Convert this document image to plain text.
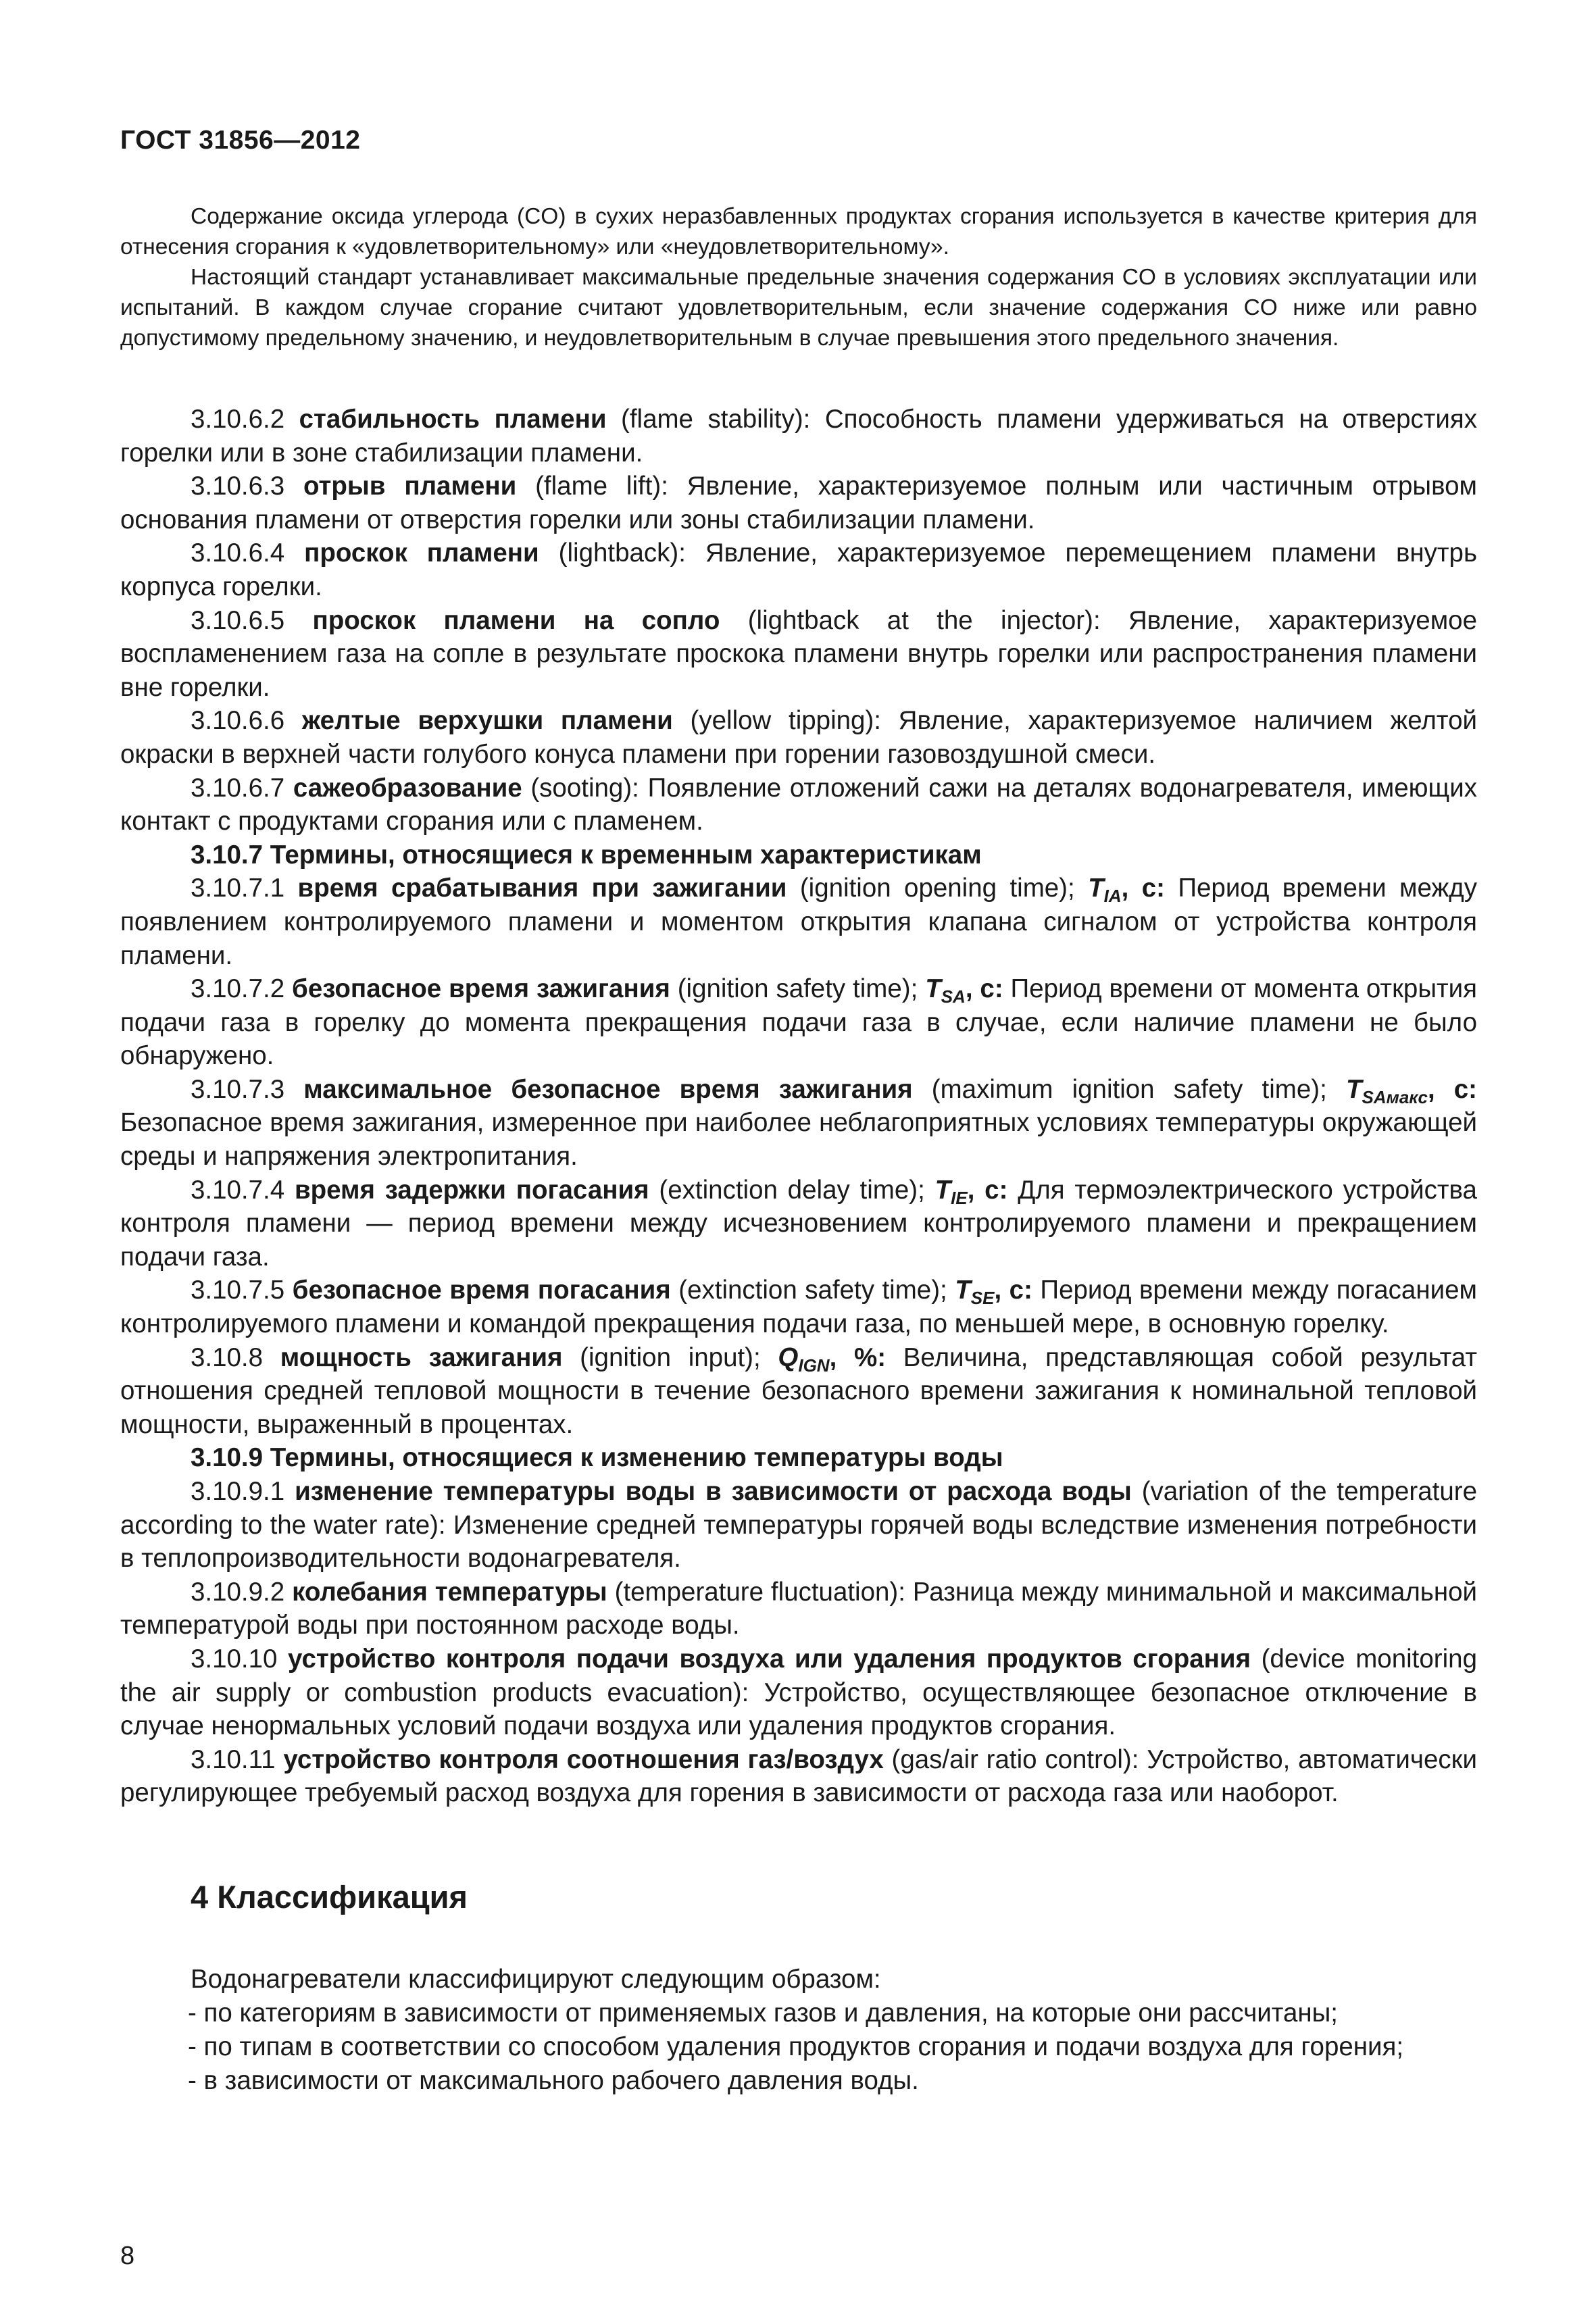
ГОСТ 31856—2012

Содержание оксида углерода (CO) в сухих неразбавленных продуктах сгорания используется в качестве критерия для отнесения сгорания к «удовлетворительному» или «неудовлетворительному».

Настоящий стандарт устанавливает максимальные предельные значения содержания CO в условиях эксплуатации или испытаний. В каждом случае сгорание считают удовлетворительным, если значение содержания CO ниже или равно допустимому предельному значению, и неудовлетворительным в случае превышения этого предельного значения.

3.10.6.2 стабильность пламени (flame stability): Способность пламени удерживаться на отверстиях горелки или в зоне стабилизации пламени.

3.10.6.3 отрыв пламени (flame lift): Явление, характеризуемое полным или частичным отрывом основания пламени от отверстия горелки или зоны стабилизации пламени.

3.10.6.4 проскок пламени (lightback): Явление, характеризуемое перемещением пламени внутрь корпуса горелки.

3.10.6.5 проскок пламени на сопло (lightback at the injector): Явление, характеризуемое воспламенением газа на сопле в результате проскока пламени внутрь горелки или распространения пламени вне горелки.

3.10.6.6 желтые верхушки пламени (yellow tipping): Явление, характеризуемое наличием желтой окраски в верхней части голубого конуса пламени при горении газовоздушной смеси.

3.10.6.7 сажеобразование (sooting): Появление отложений сажи на деталях водонагревателя, имеющих контакт с продуктами сгорания или с пламенем.

3.10.7 Термины, относящиеся к временным характеристикам

3.10.7.1 время срабатывания при зажигании (ignition opening time); $T_{IA}$, с: Период времени между появлением контролируемого пламени и моментом открытия клапана сигналом от устройства контроля пламени.

3.10.7.2 безопасное время зажигания (ignition safety time); $T_{SA}$, с: Период времени от момента открытия подачи газа в горелку до момента прекращения подачи газа в случае, если наличие пламени не было обнаружено.

3.10.7.3 максимальное безопасное время зажигания (maximum ignition safety time); $T_{SAмакс}$, с: Безопасное время зажигания, измеренное при наиболее неблагоприятных условиях температуры окружающей среды и напряжения электропитания.

3.10.7.4 время задержки погасания (extinction delay time); $T_{IE}$, с: Для термоэлектрического устройства контроля пламени — период времени между исчезновением контролируемого пламени и прекращением подачи газа.

3.10.7.5 безопасное время погасания (extinction safety time); $T_{SE}$, с: Период времени между погасанием контролируемого пламени и командой прекращения подачи газа, по меньшей мере, в основную горелку.

3.10.8 мощность зажигания (ignition input); $Q_{IGN}$, %: Величина, представляющая собой результат отношения средней тепловой мощности в течение безопасного времени зажигания к номинальной тепловой мощности, выраженный в процентах.

3.10.9 Термины, относящиеся к изменению температуры воды

3.10.9.1 изменение температуры воды в зависимости от расхода воды (variation of the temperature according to the water rate): Изменение средней температуры горячей воды вследствие изменения потребности в теплопроизводительности водонагревателя.

3.10.9.2 колебания температуры (temperature fluctuation): Разница между минимальной и максимальной температурой воды при постоянном расходе воды.

3.10.10 устройство контроля подачи воздуха или удаления продуктов сгорания (device monitoring the air supply or combustion products evacuation): Устройство, осуществляющее безопасное отключение в случае ненормальных условий подачи воздуха или удаления продуктов сгорания.

3.10.11 устройство контроля соотношения газ/воздух (gas/air ratio control): Устройство, автоматически регулирующее требуемый расход воздуха для горения в зависимости от расхода газа или наоборот.

4 Классификация

Водонагреватели классифицируют следующим образом:

- по категориям в зависимости от применяемых газов и давления, на которые они рассчитаны;
- по типам в соответствии со способом удаления продуктов сгорания и подачи воздуха для горения;
- в зависимости от максимального рабочего давления воды.
8
